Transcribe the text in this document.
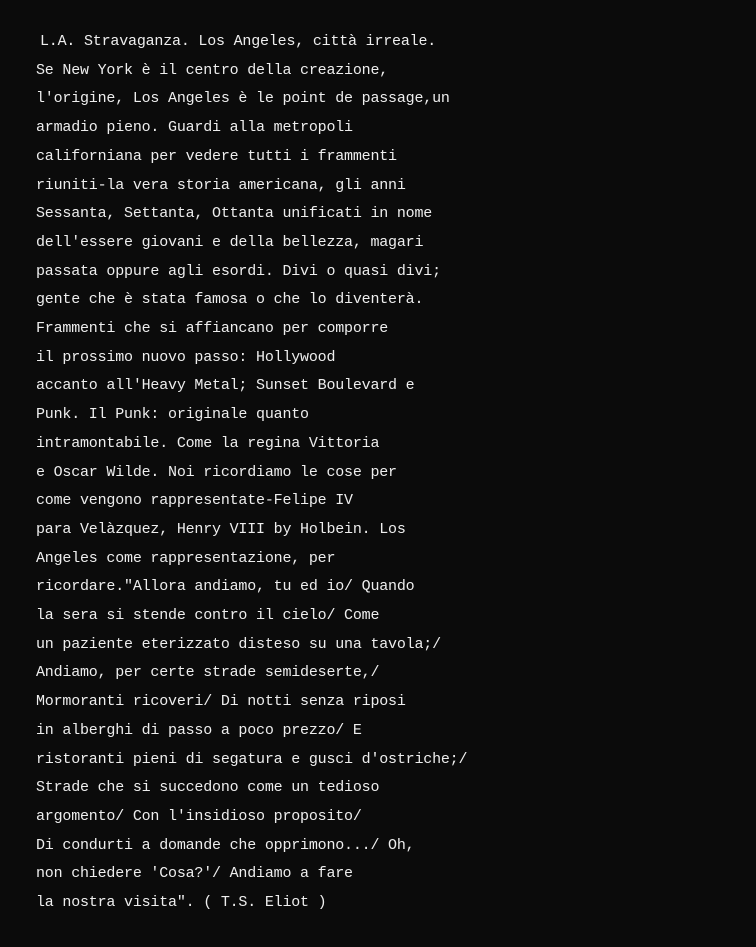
L.A. Stravaganza. Los Angeles, città irreale.
Se New York è il centro della creazione,
l'origine, Los Angeles è le point de passage,un
armadio pieno. Guardi alla metropoli
californiana per vedere tutti i frammenti
riuniti-la vera storia americana, gli anni
Sessanta, Settanta, Ottanta unificati in nome
dell'essere giovani e della bellezza, magari
passata oppure agli esordi. Divi o quasi divi;
gente che è stata famosa o che lo diventerà.
Frammenti che si affiancano per comporre
il prossimo nuovo passo: Hollywood
accanto all'Heavy Metal; Sunset Boulevard e
Punk. Il Punk: originale quanto
intramontabile. Come la regina Vittoria
e Oscar Wilde. Noi ricordiamo le cose per
come vengono rappresentate-Felipe IV
para Velàzquez, Henry VIII by Holbein. Los
Angeles come rappresentazione, per
ricordare."Allora andiamo, tu ed io/ Quando
la sera si stende contro il cielo/ Come
un paziente eterizzato disteso su una tavola;/
Andiamo, per certe strade semideserte,/
Mormoranti ricoveri/ Di notti senza riposi
in alberghi di passo a poco prezzo/ E
ristoranti pieni di segatura e gusci d'ostriche;/
Strade che si succedono come un tedioso
argomento/ Con l'insidioso proposito/
Di condurti a domande che opprimono.../ Oh,
non chiedere 'Cosa?'/ Andiamo a fare
la nostra visita". ( T.S. Eliot )
